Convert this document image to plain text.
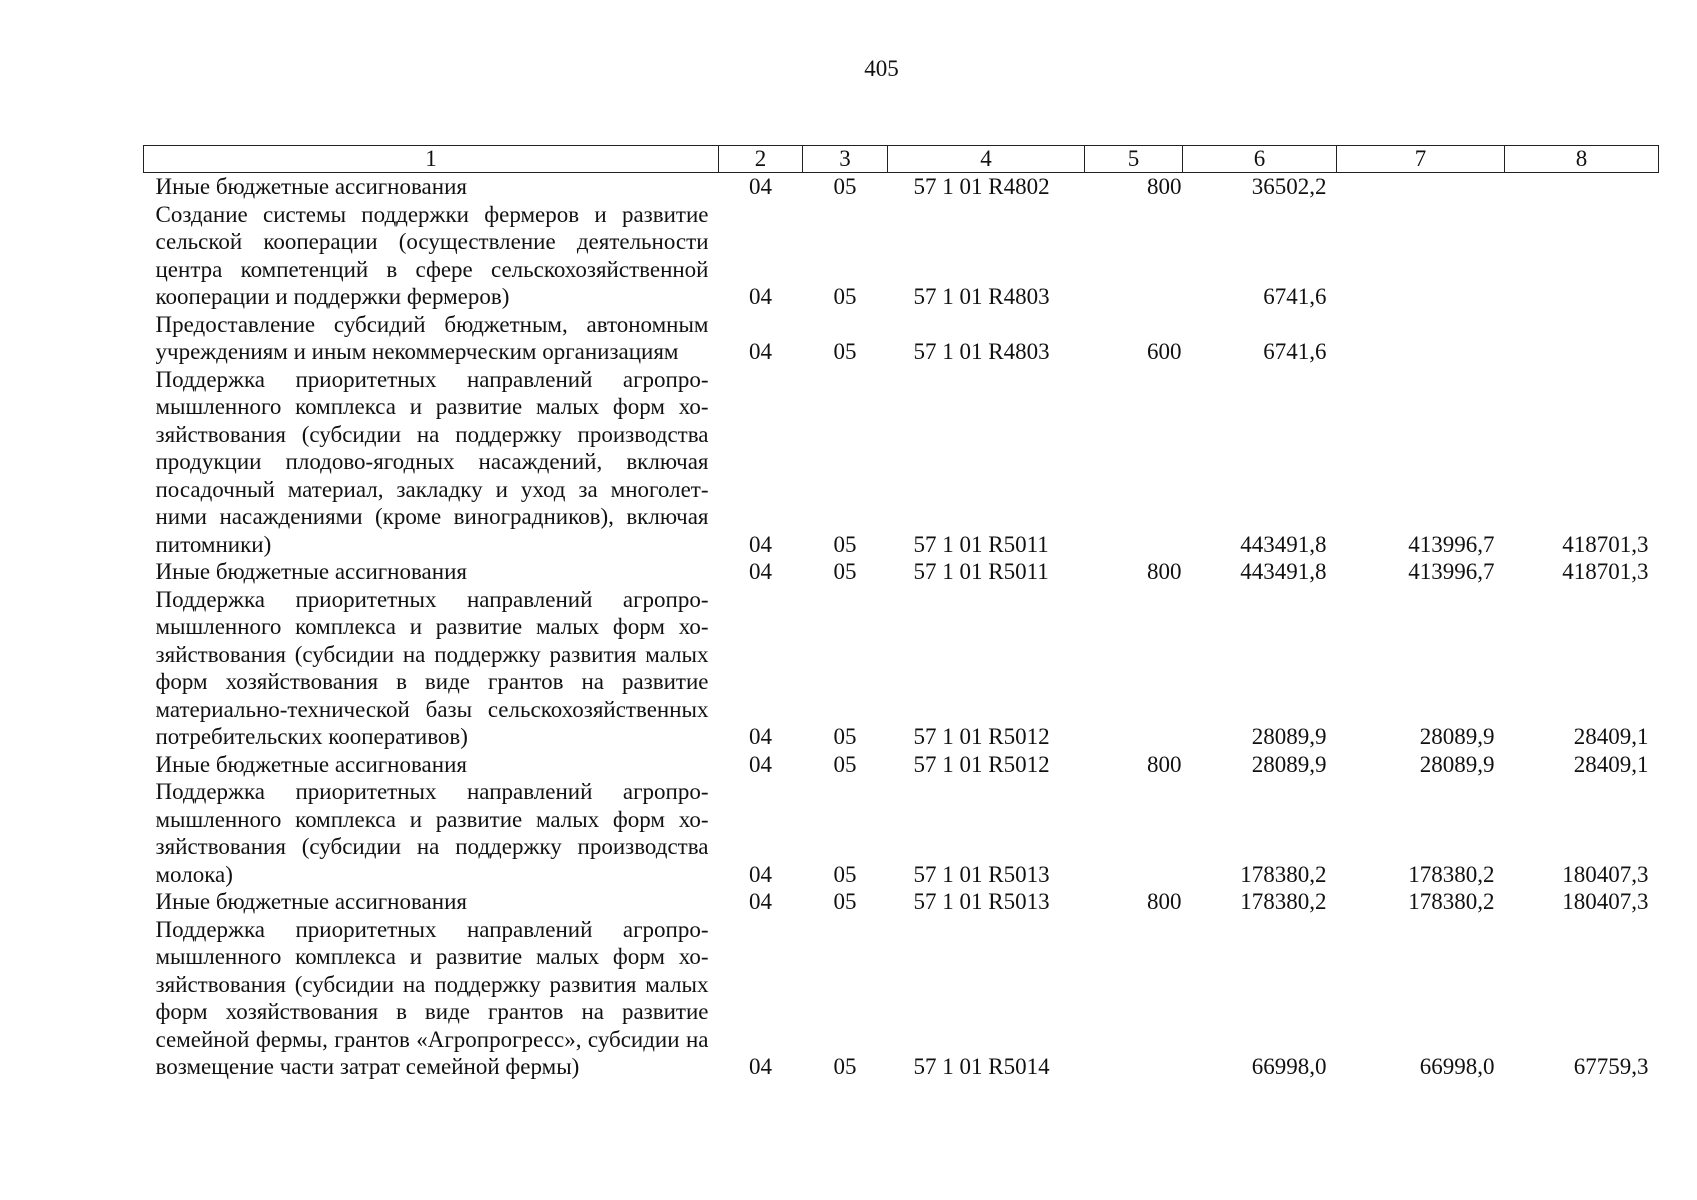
405
1	2	3	4	5	6	7	8
Иные бюджетные ассигнования	04	05	57 1 01 R4802	800	36502,2		
Создание системы поддержки фермеров и развитие сельской кооперации (осуществление деятельности центра компетенций в сфере сельскохозяйственной кооперации и поддержки фермеров)	04	05	57 1 01 R4803		6741,6		
Предоставление субсидий бюджетным, автономным учреждениям и иным некоммерческим организациям	04	05	57 1 01 R4803	600	6741,6		
Поддержка приоритетных направлений агропромышленного комплекса и развитие малых форм хозяйствования (субсидии на поддержку производства продукции плодово-ягодных насаждений, включая посадочный материал, закладку и уход за многолетними насаждениями (кроме виноградников), включая питомники)	04	05	57 1 01 R5011		443491,8	413996,7	418701,3
Иные бюджетные ассигнования	04	05	57 1 01 R5011	800	443491,8	413996,7	418701,3
Поддержка приоритетных направлений агропромышленного комплекса и развитие малых форм хозяйствования (субсидии на поддержку развития малых форм хозяйствования в виде грантов на развитие материально-технической базы сельскохозяйственных потребительских кооперативов)	04	05	57 1 01 R5012		28089,9	28089,9	28409,1
Иные бюджетные ассигнования	04	05	57 1 01 R5012	800	28089,9	28089,9	28409,1
Поддержка приоритетных направлений агропромышленного комплекса и развитие малых форм хозяйствования (субсидии на поддержку производства молока)	04	05	57 1 01 R5013		178380,2	178380,2	180407,3
Иные бюджетные ассигнования	04	05	57 1 01 R5013	800	178380,2	178380,2	180407,3
Поддержка приоритетных направлений агропромышленного комплекса и развитие малых форм хозяйствования (субсидии на поддержку развития малых форм хозяйствования в виде грантов на развитие семейной фермы, грантов «Агропрогресс», субсидии на возмещение части затрат семейной фермы)	04	05	57 1 01 R5014		66998,0	66998,0	67759,3
